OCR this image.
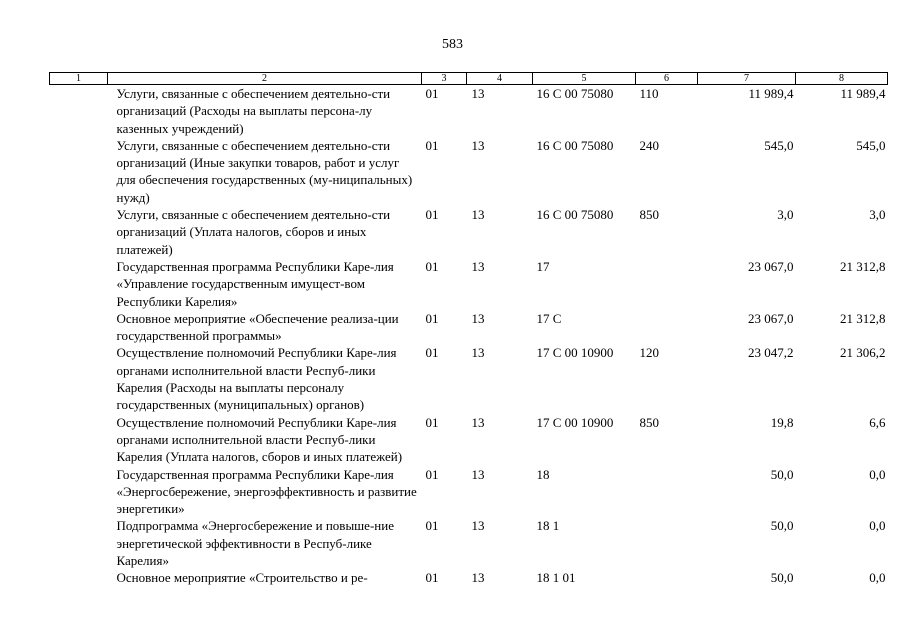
583
1	2	3	4	5	6	7	8
	Услуги, связанные с обеспечением деятельно-сти организаций (Расходы на выплаты персона-лу казенных учреждений)	01	13	16 С 00 75080	110	11 989,4	11 989,4
	Услуги, связанные с обеспечением деятельно-сти организаций (Иные закупки товаров, работ и услуг для обеспечения государственных (му-ниципальных) нужд)	01	13	16 С 00 75080	240	545,0	545,0
	Услуги, связанные с обеспечением деятельно-сти организаций (Уплата налогов, сборов и иных платежей)	01	13	16 С 00 75080	850	3,0	3,0
	Государственная программа Республики Каре-лия «Управление государственным имущест-вом Республики Карелия»	01	13	17		23 067,0	21 312,8
	Основное мероприятие «Обеспечение реализа-ции государственной программы»	01	13	17 С		23 067,0	21 312,8
	Осуществление полномочий Республики Каре-лия органами исполнительной власти Респуб-лики Карелия (Расходы на выплаты персоналу государственных (муниципальных) органов)	01	13	17 С 00 10900	120	23 047,2	21 306,2
	Осуществление полномочий Республики Каре-лия органами исполнительной власти Респуб-лики Карелия (Уплата налогов, сборов и иных платежей)	01	13	17 С 00 10900	850	19,8	6,6
	Государственная программа Республики Каре-лия «Энергосбережение, энергоэффективность и развитие энергетики»	01	13	18		50,0	0,0
	Подпрограмма «Энергосбережение и повыше-ние энергетической эффективности в Респуб-лике Карелия»	01	13	18 1		50,0	0,0
	Основное мероприятие «Строительство и ре-	01	13	18 1 01		50,0	0,0
